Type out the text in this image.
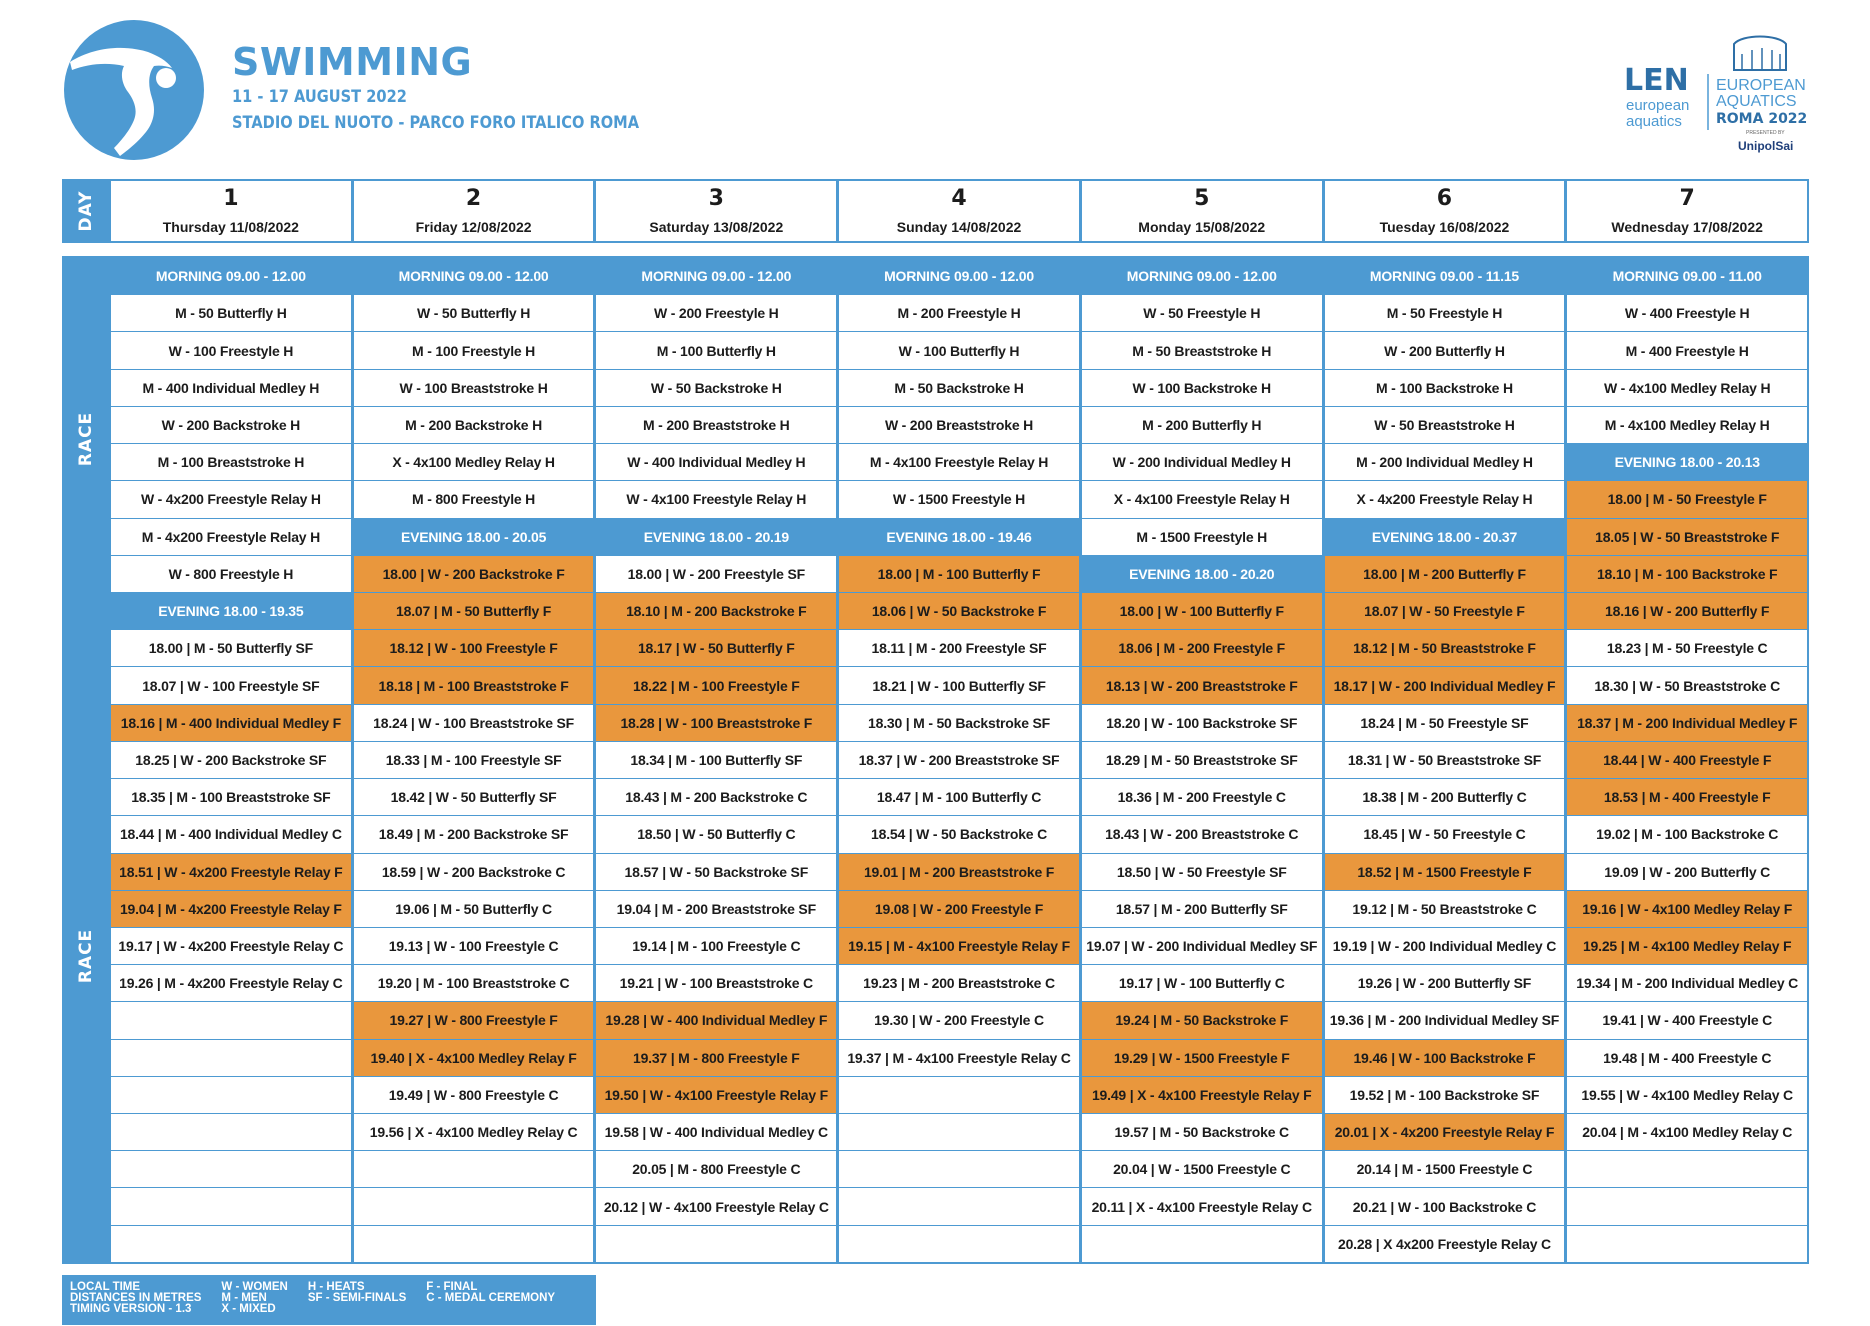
SWIMMING
11 - 17 AUGUST 2022
STADIO DEL NUOTO - PARCO FORO ITALICO ROMA
LEN
european
aquatics
EUROPEAN
AQUATICS
ROMA 2022
PRESENTED BY
UnipolSai
DAY	1
Thursday 11/08/2022
2
Friday 12/08/2022
3
Saturday 13/08/2022
4
Sunday 14/08/2022
5
Monday 15/08/2022
6
Tuesday 16/08/2022
7
Wednesday 17/08/2022
RACE
RACE
MORNING 09.00 - 12.00
M - 50 Butterfly H
W - 100 Freestyle H
M - 400 Individual Medley H
W - 200 Backstroke H
M - 100 Breaststroke H
W - 4x200 Freestyle Relay H
M - 4x200 Freestyle Relay H
W - 800 Freestyle H
EVENING 18.00 - 19.35
18.00 | M - 50 Butterfly SF
18.07 | W - 100 Freestyle SF
18.16 | M - 400 Individual Medley F
18.25 | W - 200 Backstroke SF
18.35 | M - 100 Breaststroke SF
18.44 | M - 400 Individual Medley C
18.51 | W - 4x200 Freestyle Relay F
19.04 | M - 4x200 Freestyle Relay F
19.17 | W - 4x200 Freestyle Relay C
19.26 | M - 4x200 Freestyle Relay C
MORNING 09.00 - 12.00
W - 50 Butterfly H
M - 100 Freestyle H
W - 100 Breaststroke H
M - 200 Backstroke H
X - 4x100 Medley Relay H
M - 800 Freestyle H
EVENING 18.00 - 20.05
18.00 | W - 200 Backstroke F
18.07 | M - 50 Butterfly F
18.12 | W - 100 Freestyle F
18.18 | M - 100 Breaststroke F
18.24 | W - 100 Breaststroke SF
18.33 | M - 100 Freestyle SF
18.42 | W - 50 Butterfly SF
18.49 | M - 200 Backstroke SF
18.59 | W - 200 Backstroke C
19.06 | M - 50 Butterfly C
19.13 | W - 100 Freestyle C
19.20 | M - 100 Breaststroke C
19.27 | W - 800 Freestyle F
19.40 | X - 4x100 Medley Relay F
19.49 | W - 800 Freestyle C
19.56 | X - 4x100 Medley Relay C
MORNING 09.00 - 12.00
W - 200 Freestyle H
M - 100 Butterfly H
W - 50 Backstroke H
M - 200 Breaststroke H
W - 400 Individual Medley H
W - 4x100 Freestyle Relay H
EVENING 18.00 - 20.19
18.00 | W - 200 Freestyle SF
18.10 | M - 200 Backstroke F
18.17 | W - 50 Butterfly F
18.22 | M - 100 Freestyle F
18.28 | W - 100 Breaststroke F
18.34 | M - 100 Butterfly SF
18.43 | M - 200 Backstroke C
18.50 | W - 50 Butterfly C
18.57 | W - 50 Backstroke SF
19.04 | M - 200 Breaststroke SF
19.14 | M - 100 Freestyle C
19.21 | W - 100 Breaststroke C
19.28 | W - 400 Individual Medley F
19.37 | M - 800 Freestyle F
19.50 | W - 4x100 Freestyle Relay F
19.58 | W - 400 Individual Medley C
20.05 | M - 800 Freestyle C
20.12 | W - 4x100 Freestyle Relay C
MORNING 09.00 - 12.00
M - 200 Freestyle H
W - 100 Butterfly H
M - 50 Backstroke H
W - 200 Breaststroke H
M - 4x100 Freestyle Relay H
W - 1500 Freestyle H
EVENING 18.00 - 19.46
18.00 | M - 100 Butterfly F
18.06 | W - 50 Backstroke F
18.11 | M - 200 Freestyle SF
18.21 | W - 100 Butterfly SF
18.30 | M - 50 Backstroke SF
18.37 | W - 200 Breaststroke SF
18.47 | M - 100 Butterfly C
18.54 | W - 50 Backstroke C
19.01 | M - 200 Breaststroke F
19.08 | W - 200 Freestyle F
19.15 | M - 4x100 Freestyle Relay F
19.23 | M - 200 Breaststroke C
19.30 | W - 200 Freestyle C
19.37 | M - 4x100 Freestyle Relay C
MORNING 09.00 - 12.00
W - 50 Freestyle H
M - 50 Breaststroke H
W - 100 Backstroke H
M - 200 Butterfly H
W - 200 Individual Medley H
X - 4x100 Freestyle Relay H
M - 1500 Freestyle H
EVENING 18.00 - 20.20
18.00 | W - 100 Butterfly F
18.06 | M - 200 Freestyle F
18.13 | W - 200 Breaststroke F
18.20 | W - 100 Backstroke SF
18.29 | M - 50 Breaststroke SF
18.36 | M - 200 Freestyle C
18.43 | W - 200 Breaststroke C
18.50 | W - 50 Freestyle SF
18.57 | M - 200 Butterfly SF
19.07 | W - 200 Individual Medley SF
19.17 | W - 100 Butterfly C
19.24 | M - 50 Backstroke F
19.29 | W - 1500 Freestyle F
19.49 | X - 4x100 Freestyle Relay F
19.57 | M - 50 Backstroke C
20.04 | W - 1500 Freestyle C
20.11 | X - 4x100 Freestyle Relay C
MORNING 09.00 - 11.15
M - 50 Freestyle H
W - 200 Butterfly H
M - 100 Backstroke H
W - 50 Breaststroke H
M - 200 Individual Medley H
X - 4x200 Freestyle Relay H
EVENING 18.00 - 20.37
18.00 | M - 200 Butterfly F
18.07 | W - 50 Freestyle F
18.12 | M - 50 Breaststroke F
18.17 | W - 200 Individual Medley F
18.24 | M - 50 Freestyle SF
18.31 | W - 50 Breaststroke SF
18.38 | M - 200 Butterfly C
18.45 | W - 50 Freestyle C
18.52 | M - 1500 Freestyle F
19.12 | M - 50 Breaststroke C
19.19 | W - 200 Individual Medley C
19.26 | W - 200 Butterfly SF
19.36 | M - 200 Individual Medley SF
19.46 | W - 100 Backstroke F
19.52 | M - 100 Backstroke SF
20.01 | X - 4x200 Freestyle Relay F
20.14 | M - 1500 Freestyle C
20.21 | W - 100 Backstroke C
20.28 | X 4x200 Freestyle Relay C
MORNING 09.00 - 11.00
W - 400 Freestyle H
M - 400 Freestyle H
W - 4x100 Medley Relay H
M - 4x100 Medley Relay H
EVENING 18.00 - 20.13
18.00 | M - 50 Freestyle F
18.05 | W - 50 Breaststroke F
18.10 | M - 100 Backstroke F
18.16 | W - 200 Butterfly F
18.23 | M - 50 Freestyle C
18.30 | W - 50 Breaststroke C
18.37 | M - 200 Individual Medley F
18.44 | W - 400 Freestyle F
18.53 | M - 400 Freestyle F
19.02 | M - 100 Backstroke C
19.09 | W - 200 Butterfly C
19.16 | W - 4x100 Medley Relay F
19.25 | M - 4x100 Medley Relay F
19.34 | M - 200 Individual Medley C
19.41 | W - 400 Freestyle C
19.48 | M - 400 Freestyle C
19.55 | W - 4x100 Medley Relay C
20.04 | M - 4x100 Medley Relay C
LOCAL TIME
DISTANCES IN METRES
TIMING VERSION - 1.3
W - WOMEN
M - MEN
X - MIXED
H - HEATS
SF - SEMI-FINALS
F - FINAL
C - MEDAL CEREMONY
